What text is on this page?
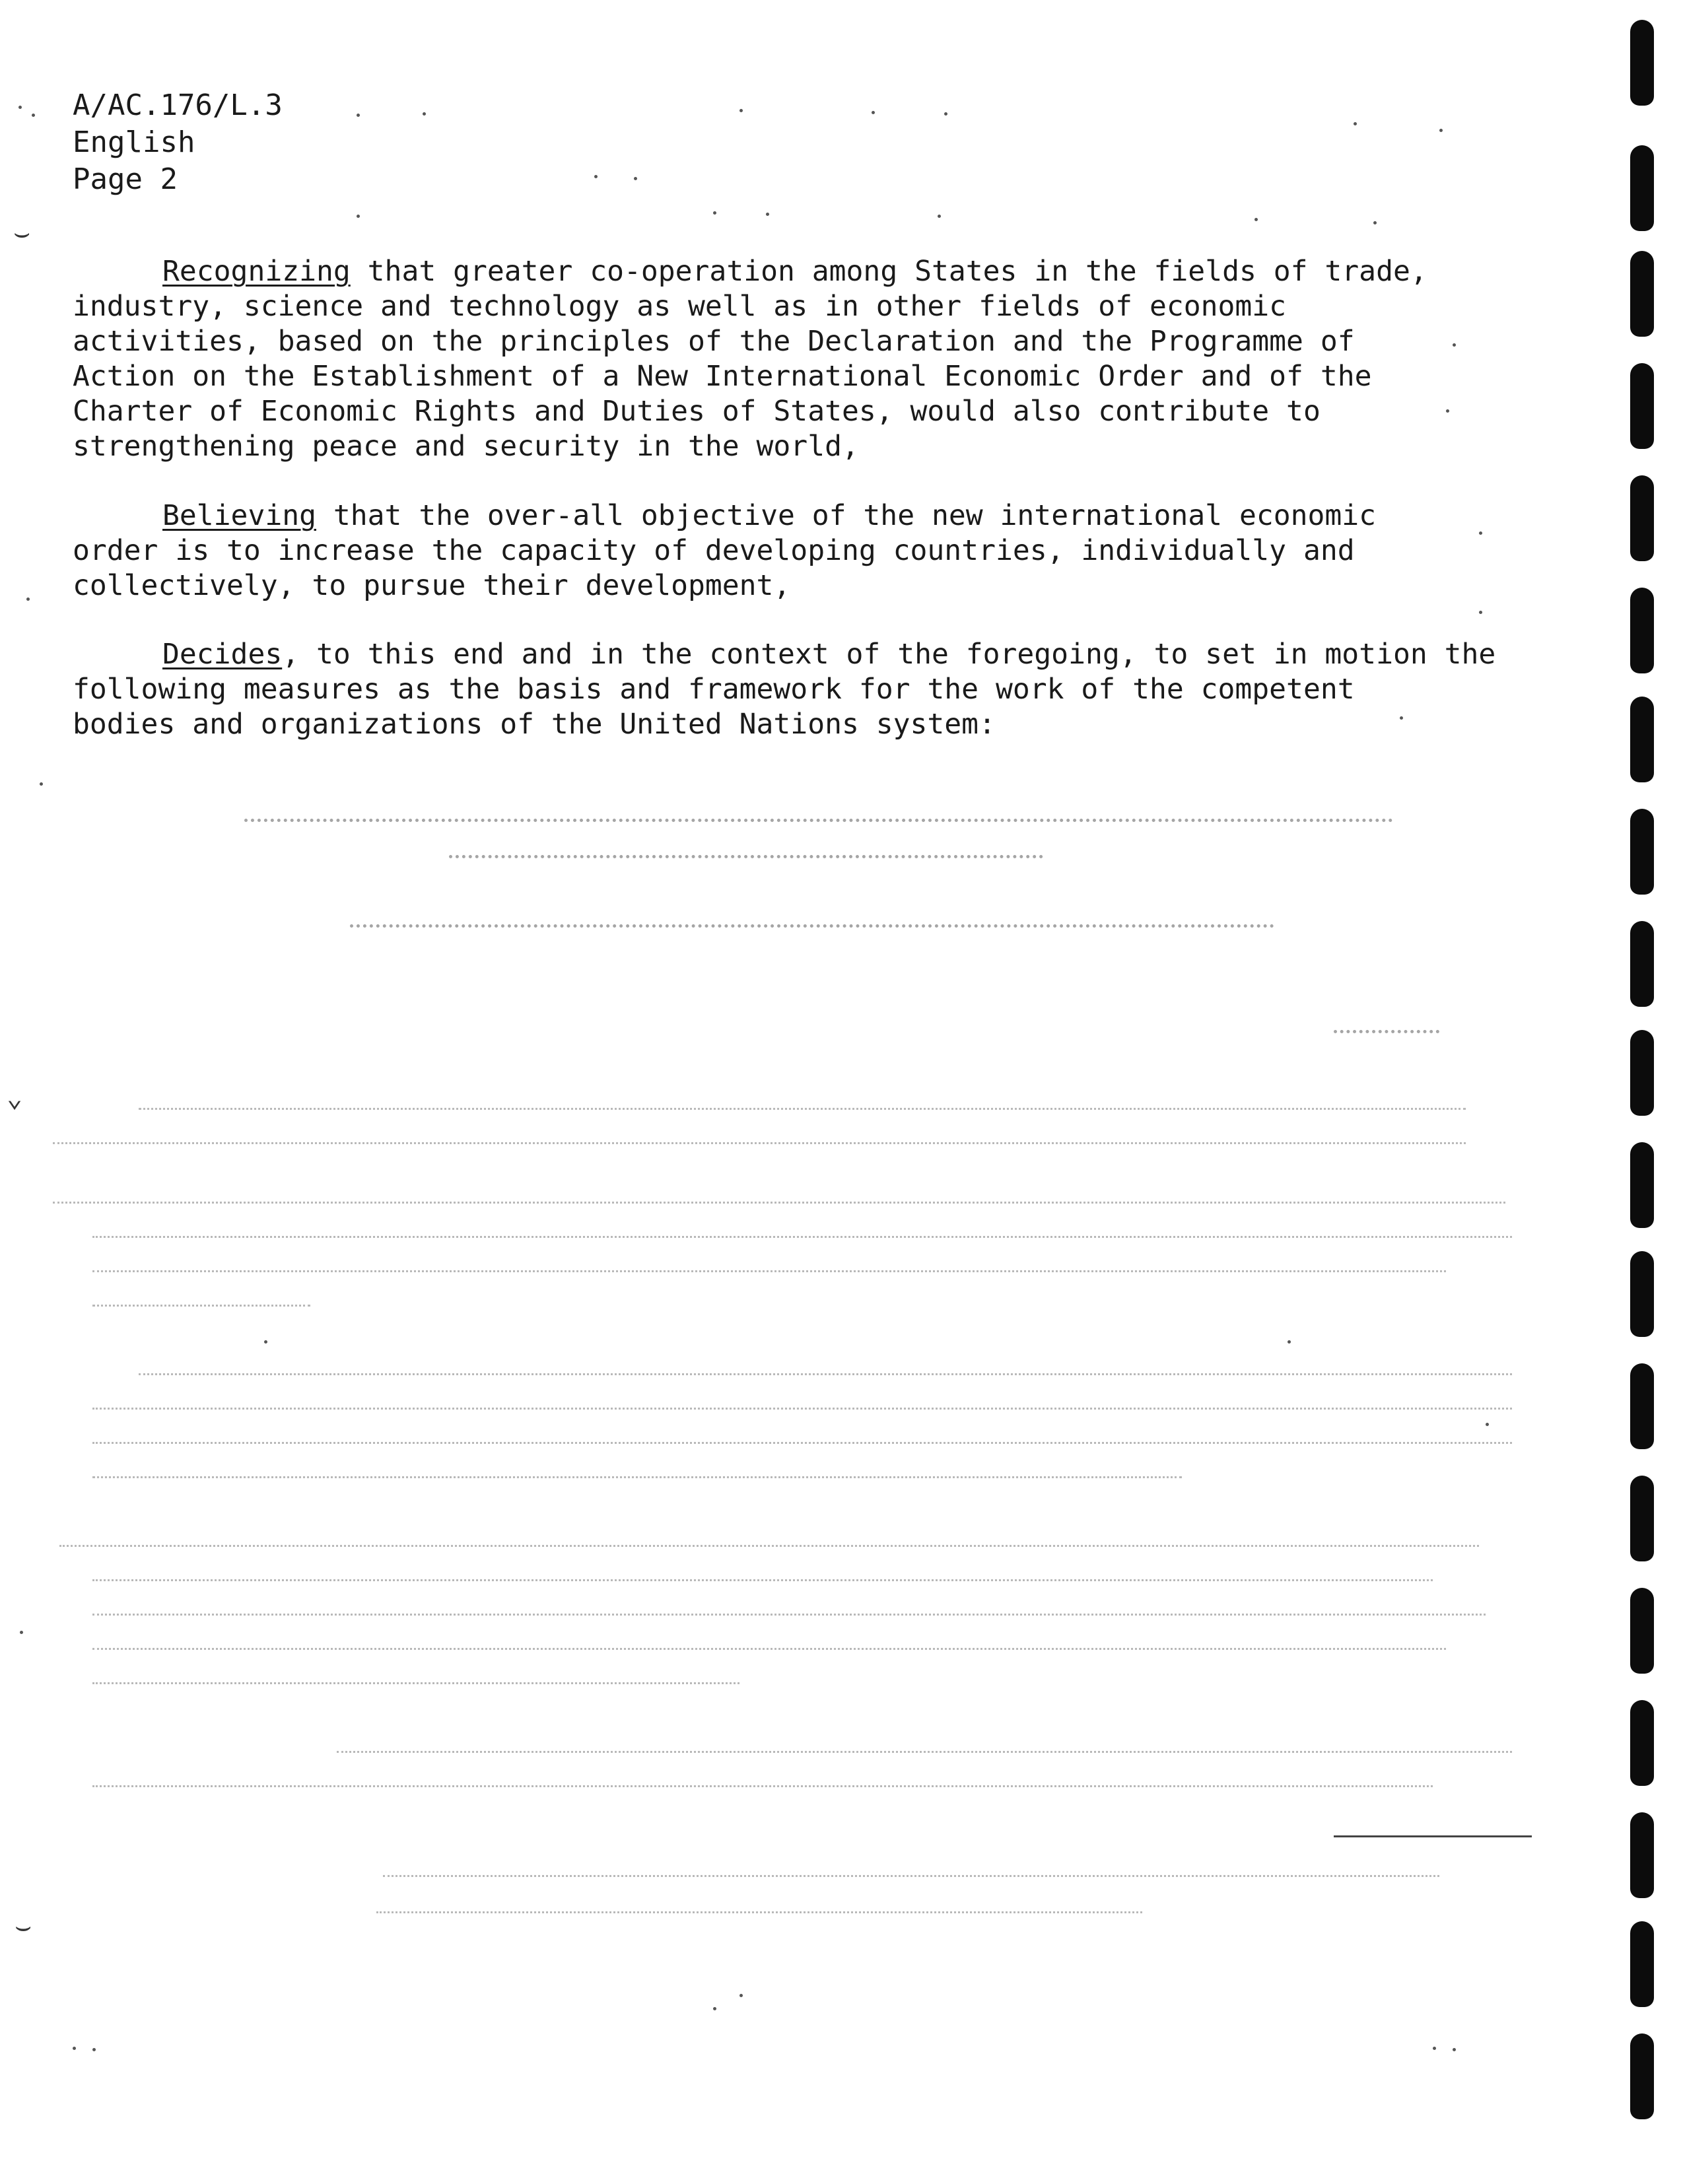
A/AC.176/L.3
English
Page 2
Recognizing that greater co-operation among States in the fields of trade,
industry, science and technology as well as in other fields of economic
activities, based on the principles of the Declaration and the Programme of
Action on the Establishment of a New International Economic Order and of the
Charter of Economic Rights and Duties of States, would also contribute to
strengthening peace and security in the world,
Believing that the over-all objective of the new international economic
order is to increase the capacity of developing countries, individually and
collectively, to pursue their development,
Decides, to this end and in the context of the foregoing, to set in motion the
following measures as the basis and framework for the work of the competent
bodies and organizations of the United Nations system:
⌣
⌄
⌣
